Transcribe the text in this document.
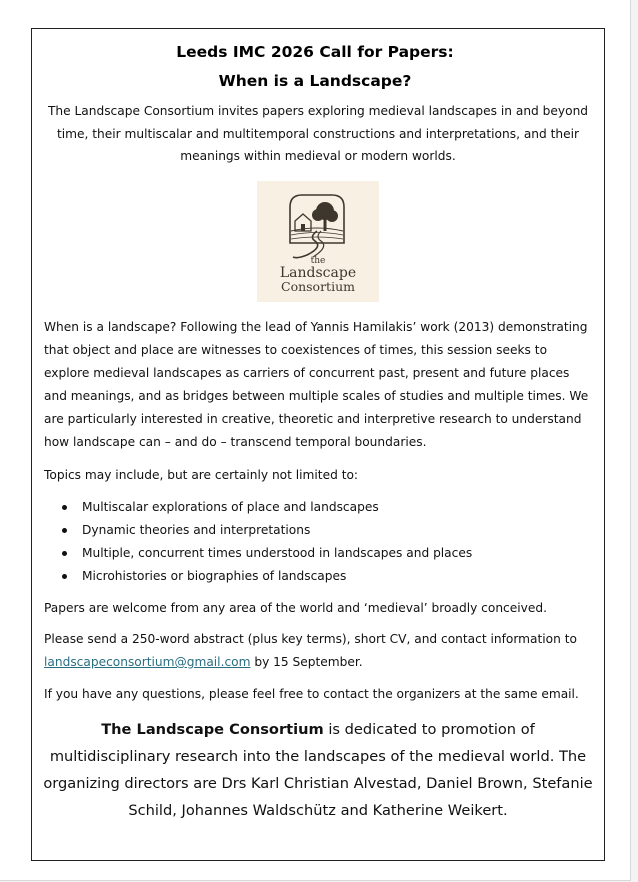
Leeds IMC 2026 Call for Papers:
When is a Landscape?
The Landscape Consortium invites papers exploring medieval landscapes in and beyond time, their multiscalar and multitemporal constructions and interpretations, and their meanings within medieval or modern worlds.
the
Landscape
Consortium
When is a landscape? Following the lead of Yannis Hamilakis’ work (2013) demonstrating that object and place are witnesses to coexistences of times, this session seeks to explore medieval landscapes as carriers of concurrent past, present and future places and meanings, and as bridges between multiple scales of studies and multiple times. We are particularly interested in creative, theoretic and interpretive research to understand how landscape can – and do – transcend temporal boundaries.
Topics may include, but are certainly not limited to:
Multiscalar explorations of place and landscapes
Dynamic theories and interpretations
Multiple, concurrent times understood in landscapes and places
Microhistories or biographies of landscapes
Papers are welcome from any area of the world and ‘medieval’ broadly conceived.
Please send a 250-word abstract (plus key terms), short CV, and contact information to
landscapeconsortium@gmail.com by 15 September.
If you have any questions, please feel free to contact the organizers at the same email.
The Landscape Consortium is dedicated to promotion of multidisciplinary research into the landscapes of the medieval world. The organizing directors are Drs Karl Christian Alvestad, Daniel Brown, Stefanie Schild, Johannes Waldschütz and Katherine Weikert.
